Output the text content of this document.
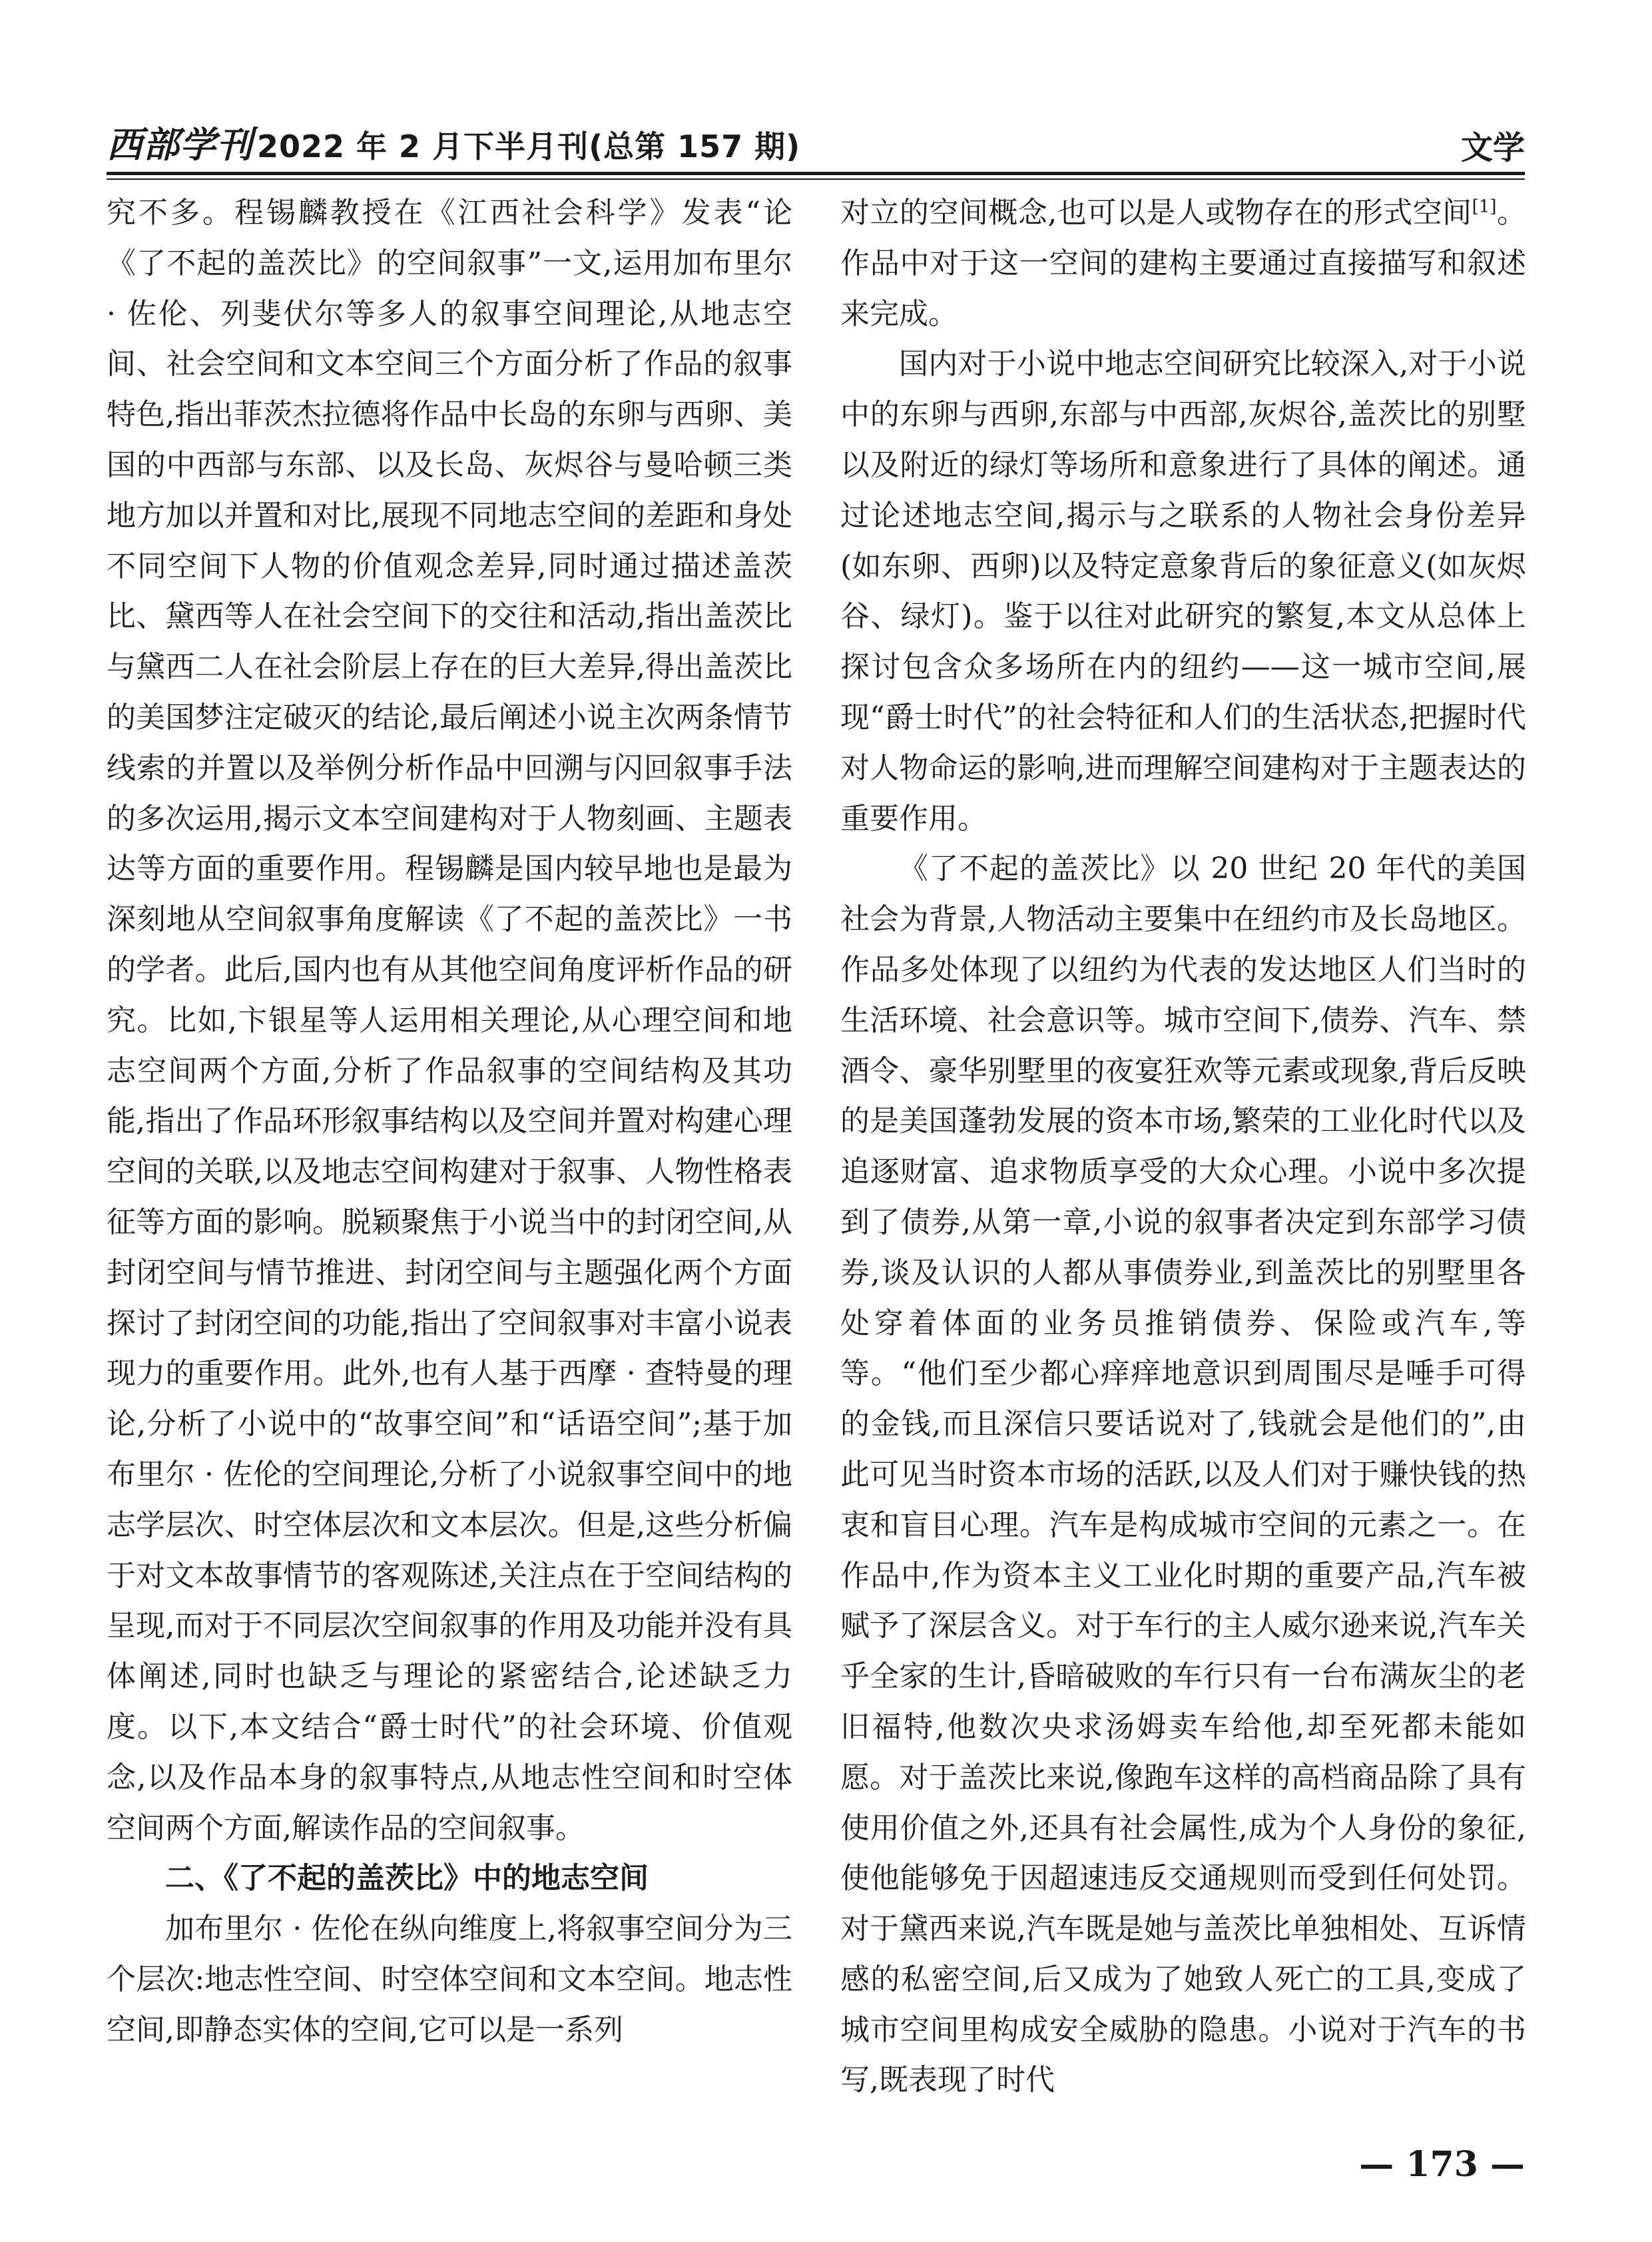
西部学刊 2022 年 2 月下半月刊(总第 157 期)	文学

究不多。程锡麟教授在《江西社会科学》发表“论《了不起的盖茨比》的空间叙事”一文,运用加布里尔 · 佐伦、列斐伏尔等多人的叙事空间理论,从地志空间、社会空间和文本空间三个方面分析了作品的叙事特色,指出菲茨杰拉德将作品中长岛的东卵与西卵、美国的中西部与东部、以及长岛、灰烬谷与曼哈顿三类地方加以并置和对比,展现不同地志空间的差距和身处不同空间下人物的价值观念差异,同时通过描述盖茨比、黛西等人在社会空间下的交往和活动,指出盖茨比与黛西二人在社会阶层上存在的巨大差异,得出盖茨比的美国梦注定破灭的结论,最后阐述小说主次两条情节线索的并置以及举例分析作品中回溯与闪回叙事手法的多次运用,揭示文本空间建构对于人物刻画、主题表达等方面的重要作用。程锡麟是国内较早地也是最为深刻地从空间叙事角度解读《了不起的盖茨比》一书的学者。此后,国内也有从其他空间角度评析作品的研究。比如,卞银星等人运用相关理论,从心理空间和地志空间两个方面,分析了作品叙事的空间结构及其功能,指出了作品环形叙事结构以及空间并置对构建心理空间的关联,以及地志空间构建对于叙事、人物性格表征等方面的影响。脱颖聚焦于小说当中的封闭空间,从封闭空间与情节推进、封闭空间与主题强化两个方面探讨了封闭空间的功能,指出了空间叙事对丰富小说表现力的重要作用。此外,也有人基于西摩 · 查特曼的理论,分析了小说中的“故事空间”和“话语空间”;基于加布里尔 · 佐伦的空间理论,分析了小说叙事空间中的地志学层次、时空体层次和文本层次。但是,这些分析偏于对文本故事情节的客观陈述,关注点在于空间结构的呈现,而对于不同层次空间叙事的作用及功能并没有具体阐述,同时也缺乏与理论的紧密结合,论述缺乏力度。以下,本文结合“爵士时代”的社会环境、价值观念,以及作品本身的叙事特点,从地志性空间和时空体空间两个方面,解读作品的空间叙事。

二、《了不起的盖茨比》中的地志空间

加布里尔 · 佐伦在纵向维度上,将叙事空间分为三个层次:地志性空间、时空体空间和文本空间。地志性空间,即静态实体的空间,它可以是一系列

对立的空间概念,也可以是人或物存在的形式空间[1]。作品中对于这一空间的建构主要通过直接描写和叙述来完成。

国内对于小说中地志空间研究比较深入,对于小说中的东卵与西卵,东部与中西部,灰烬谷,盖茨比的别墅以及附近的绿灯等场所和意象进行了具体的阐述。通过论述地志空间,揭示与之联系的人物社会身份差异(如东卵、西卵)以及特定意象背后的象征意义(如灰烬谷、绿灯)。鉴于以往对此研究的繁复,本文从总体上探讨包含众多场所在内的纽约——这一城市空间,展现“爵士时代”的社会特征和人们的生活状态,把握时代对人物命运的影响,进而理解空间建构对于主题表达的重要作用。

《了不起的盖茨比》以 20 世纪 20 年代的美国社会为背景,人物活动主要集中在纽约市及长岛地区。作品多处体现了以纽约为代表的发达地区人们当时的生活环境、社会意识等。城市空间下,债券、汽车、禁酒令、豪华别墅里的夜宴狂欢等元素或现象,背后反映的是美国蓬勃发展的资本市场,繁荣的工业化时代以及追逐财富、追求物质享受的大众心理。小说中多次提到了债券,从第一章,小说的叙事者决定到东部学习债券,谈及认识的人都从事债券业,到盖茨比的别墅里各处穿着体面的业务员推销债券、保险或汽车,等等。“他们至少都心痒痒地意识到周围尽是唾手可得的金钱,而且深信只要话说对了,钱就会是他们的”,由此可见当时资本市场的活跃,以及人们对于赚快钱的热衷和盲目心理。汽车是构成城市空间的元素之一。在作品中,作为资本主义工业化时期的重要产品,汽车被赋予了深层含义。对于车行的主人威尔逊来说,汽车关乎全家的生计,昏暗破败的车行只有一台布满灰尘的老旧福特,他数次央求汤姆卖车给他,却至死都未能如愿。对于盖茨比来说,像跑车这样的高档商品除了具有使用价值之外,还具有社会属性,成为个人身份的象征,使他能够免于因超速违反交通规则而受到任何处罚。对于黛西来说,汽车既是她与盖茨比单独相处、互诉情感的私密空间,后又成为了她致人死亡的工具,变成了城市空间里构成安全威胁的隐患。小说对于汽车的书写,既表现了时代

— 173 —
